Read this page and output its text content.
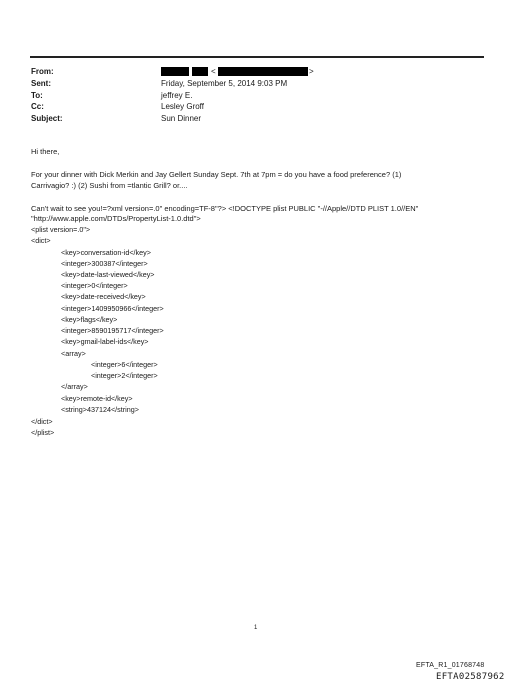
From:	<	>
Sent:	Friday, September 5, 2014 9:03 PM
To:	jeffrey E.
Cc:	Lesley Groff
Subject:	Sun Dinner
Hi there,
For your dinner with Dick Merkin and Jay Gellert Sunday Sept. 7th at 7pm = do you have a food preference? (1)
Carrivagio? :) (2) Sushi from =tlantic Grill? or....
Can't wait to see you!=?xml version=.0" encoding=TF-8"?> <!DOCTYPE plist PUBLIC "-//Apple//DTD PLIST 1.0//EN"
"http://www.apple.com/DTDs/PropertyList-1.0.dtd">
<plist version=.0">
<dict>
<key>conversation-id</key>
<integer>300387</integer>
<key>date-last-viewed</key>
<integer>0</integer>
<key>date-received</key>
<integer>1409950966</integer>
<key>flags</key>
<integer>8590195717</integer>
<key>gmail-label-ids</key>
<array>
<integer>6</integer>
<integer>2</integer>
</array>
<key>remote-id</key>
<string>437124</string>
</dict>
</plist>
1
EFTA_R1_01768748
EFTA02587962
